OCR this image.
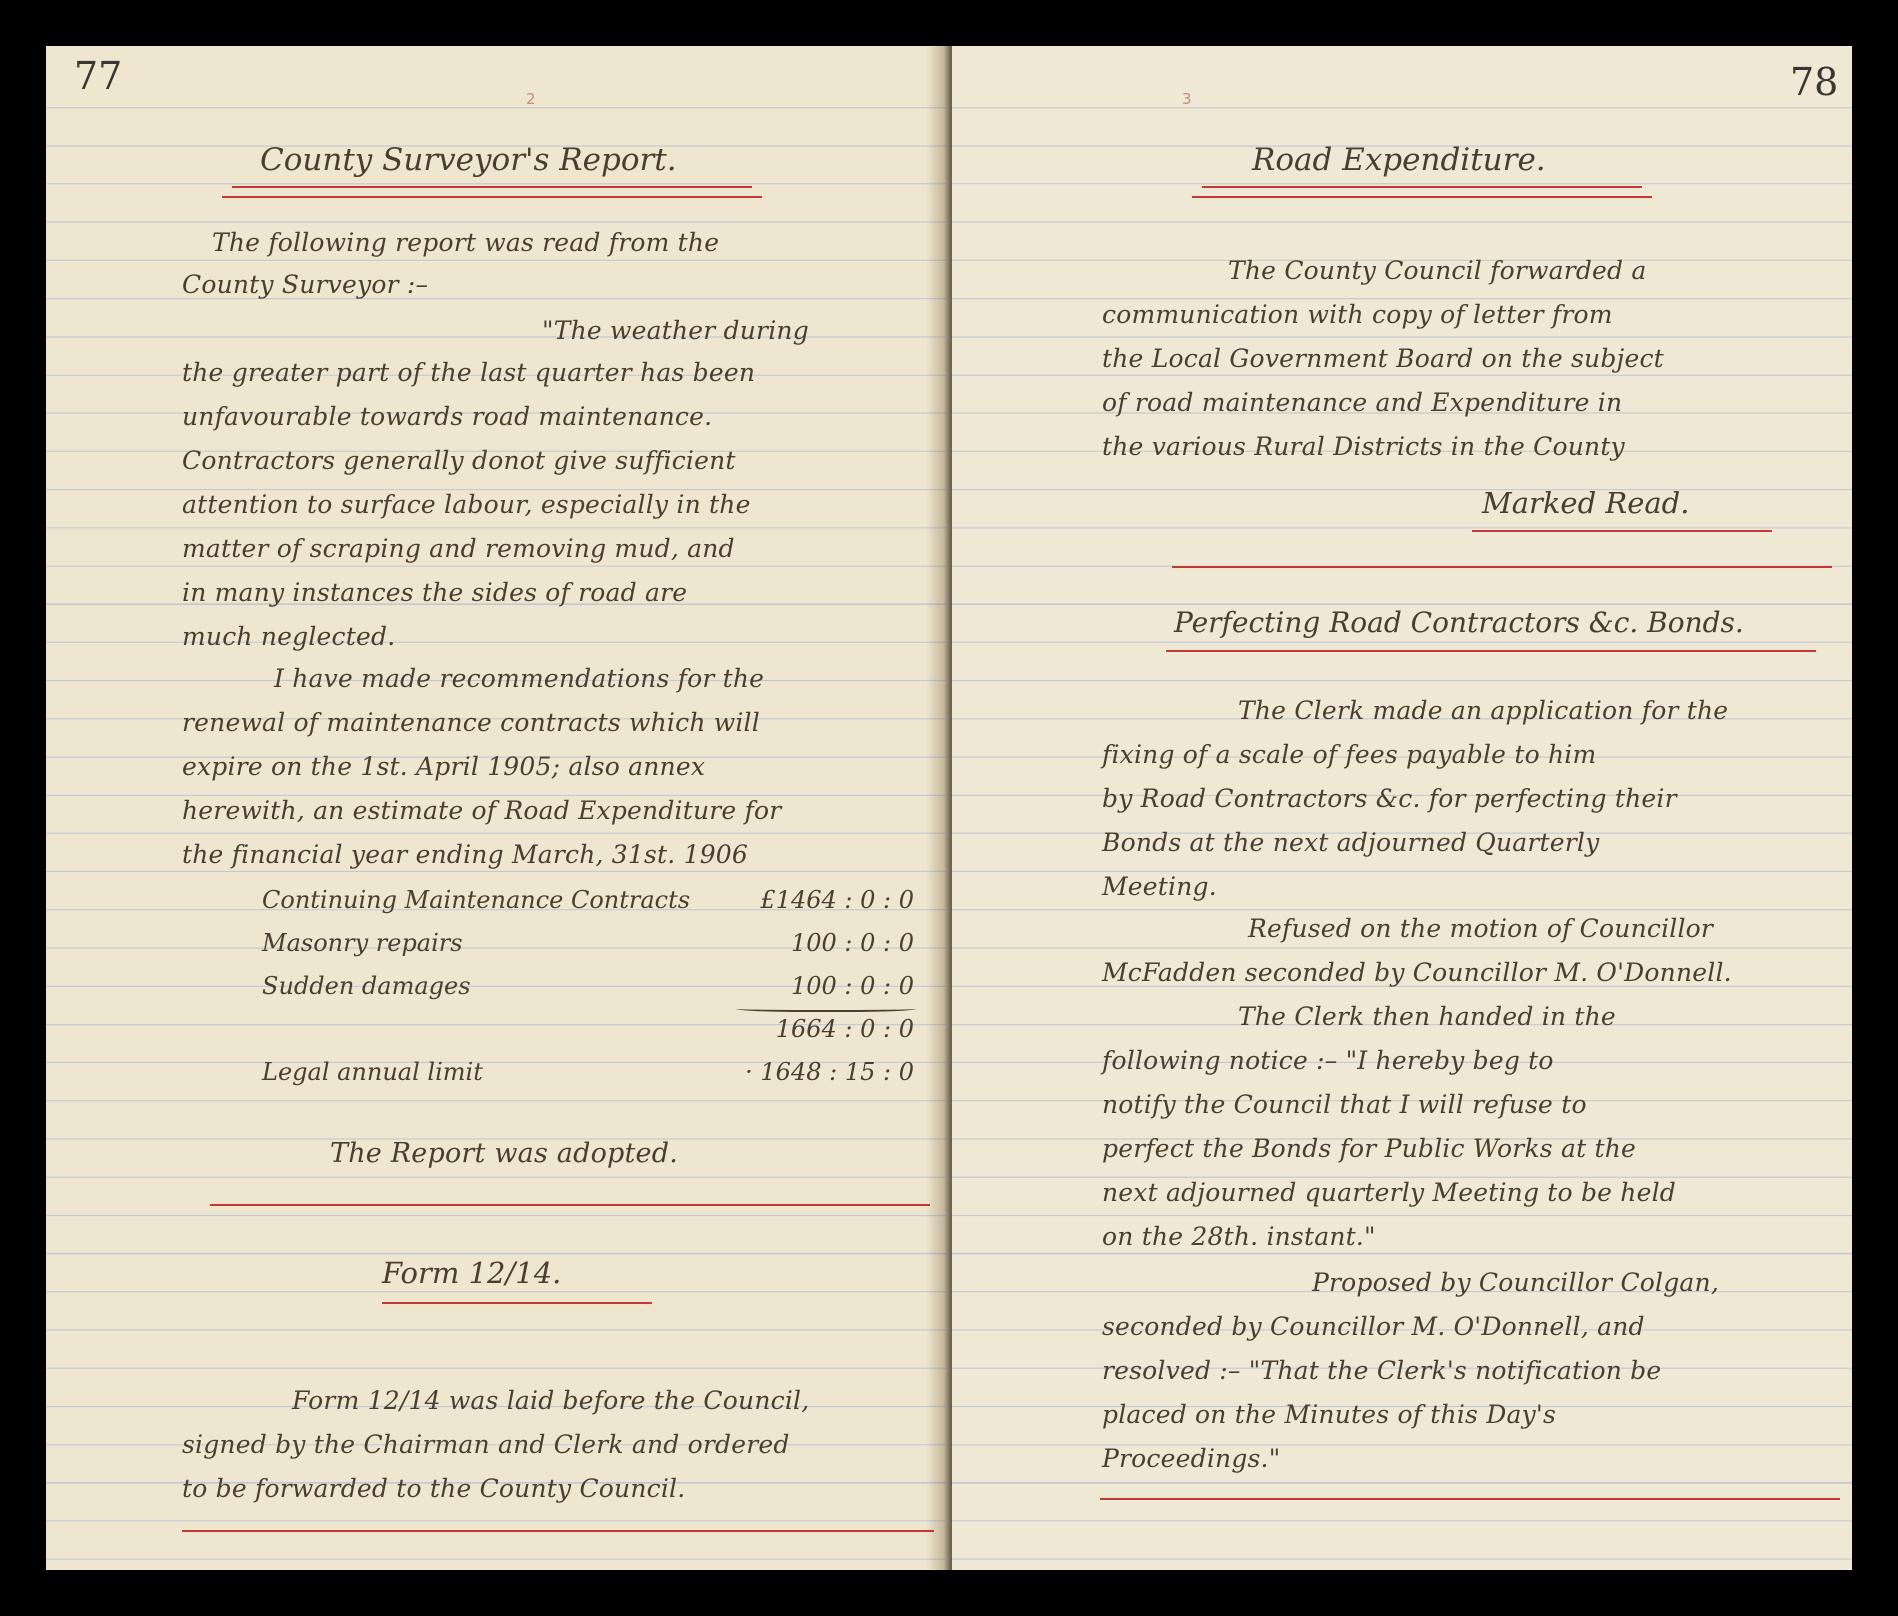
77
2
County Surveyor's Report.

The following report was read from the

County Surveyor :–

"The weather during

the greater part of the last quarter has been

unfavourable towards road maintenance.

Contractors generally donot give sufficient

attention to surface labour, especially in the

matter of scraping and removing mud, and

in many instances the sides of road are

much neglected.

I have made recommendations for the

renewal of maintenance contracts which will

expire on the 1st. April 1905; also annex

herewith, an estimate of Road Expenditure for

the financial year ending March, 31st. 1906

Continuing Maintenance Contracts	£1464 : 0 : 0
Masonry repairs	100 : 0 : 0
Sudden damages	100 : 0 : 0
	1664 : 0 : 0
Legal annual limit	· 1648 : 15 : 0

The Report was adopted.

Form 12/14.

Form 12/14 was laid before the Council,

signed by the Chairman and Clerk and ordered

to be forwarded to the County Council.

78
3
Road Expenditure.

The County Council forwarded a

communication with copy of letter from

the Local Government Board on the subject

of road maintenance and Expenditure in

the various Rural Districts in the County

Marked Read.
Perfecting Road Contractors &c. Bonds.

The Clerk made an application for the

fixing of a scale of fees payable to him

by Road Contractors &c. for perfecting their

Bonds at the next adjourned Quarterly

Meeting.

Refused on the motion of Councillor

McFadden seconded by Councillor M. O'Donnell.

The Clerk then handed in the

following notice :– "I hereby beg to

notify the Council that I will refuse to

perfect the Bonds for Public Works at the

next adjourned quarterly Meeting to be held

on the 28th. instant."

Proposed by Councillor Colgan,

seconded by Councillor M. O'Donnell, and

resolved :– "That the Clerk's notification be

placed on the Minutes of this Day's

Proceedings."
